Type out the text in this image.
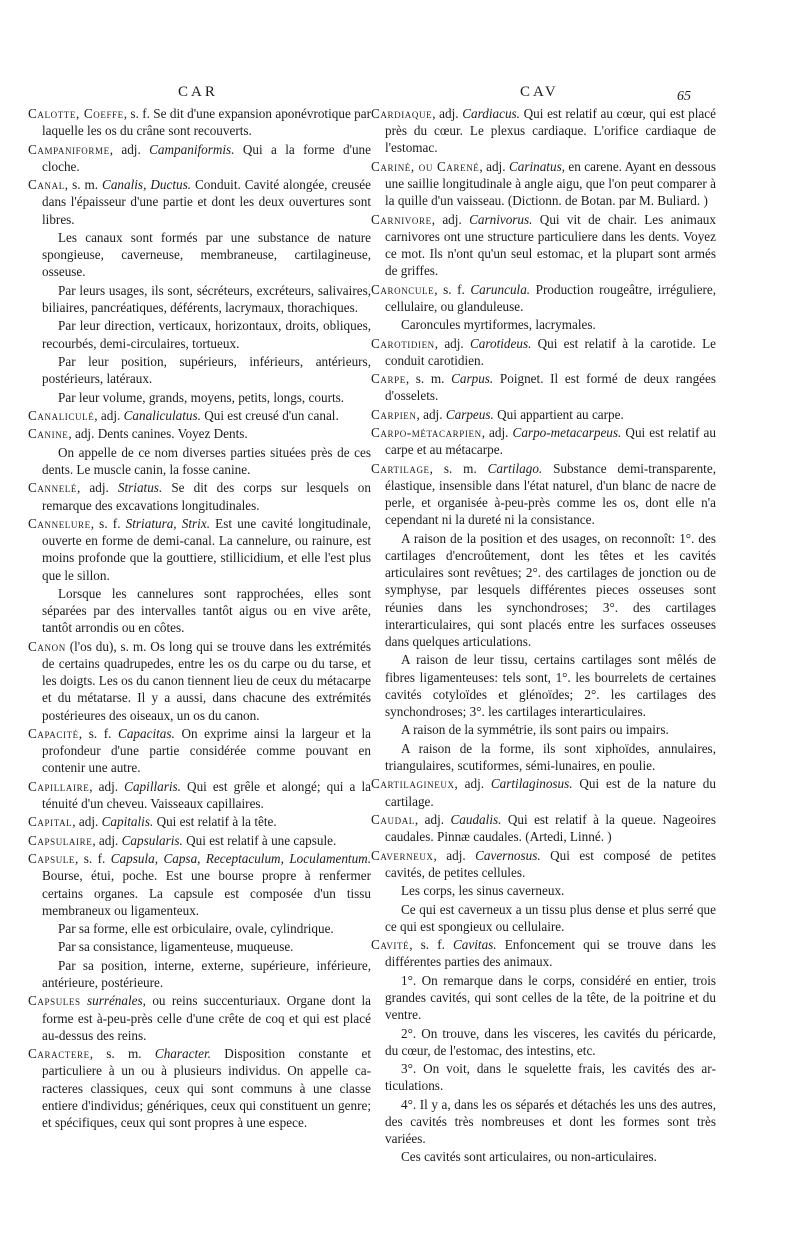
CAR	CAV	65
Calotte, Coeffe, s. f. Se dit d'une expansion aponévrotique par laquelle les os du crâne sont recouverts.
Campaniforme, adj. Campaniformis. Qui a la forme d'une cloche.
Canal, s. m. Canalis, Ductus. Conduit. Cavité alongée, creusée dans l'épaisseur d'une partie et dont les deux ouvertures sont libres.
Les canaux sont formés par une substance de nature spongieuse, caverneuse, membraneuse, cartilagineuse, osseuse.
Par leurs usages, ils sont, sécréteurs, excréteurs, salivaires, biliaires, pancréatiques, déférents, lacrymaux, thorachiques.
Par leur direction, verticaux, horizontaux, droits, obliques, recourbés, demi-circulaires, tortueux.
Par leur position, supérieurs, inférieurs, antérieurs, postérieurs, latéraux.
Par leur volume, grands, moyens, petits, longs, courts.
Canaliculé, adj. Canaliculatus. Qui est creusé d'un canal.
Canine, adj. Dents canines. Voyez Dents.
On appelle de ce nom diverses parties situées près de ces dents. Le muscle canin, la fosse canine.
Cannelé, adj. Striatus. Se dit des corps sur lesquels on remarque des excavations longitudinales.
Cannelure, s. f. Striatura, Strix. Est une cavité longitudinale, ouverte en forme de demi-canal. La cannelure, ou rainure, est moins profonde que la gouttiere, stillicidium, et elle l'est plus que le sillon.
Lorsque les cannelures sont rapprochées, elles sont séparées par des intervalles tantôt aigus ou en vive arête, tantôt arrondis ou en côtes.
Canon (l'os du), s. m. Os long qui se trouve dans les extrémités de certains quadrupedes, entre les os du carpe ou du tarse, et les doigts. Les os du canon tiennent lieu de ceux du métacarpe et du métatarse. Il y a aussi, dans chacune des extrémités postérieures des oiseaux, un os du canon.
Capacité, s. f. Capacitas. On exprime ainsi la largeur et la profondeur d'une partie considérée comme pouvant en contenir une autre.
Capillaire, adj. Capillaris. Qui est grêle et alongé; qui a la ténuité d'un cheveu. Vaisseaux capillaires.
Capital, adj. Capitalis. Qui est relatif à la tête.
Capsulaire, adj. Capsularis. Qui est relatif à une capsule.
Capsule, s. f. Capsula, Capsa, Receptaculum, Loculamentum. Bourse, étui, poche. Est une bourse propre à renfermer certains organes. La capsule est composée d'un tissu membraneux ou ligamenteux.
Par sa forme, elle est orbiculaire, ovale, cylindrique.
Par sa consistance, ligamenteuse, muqueuse.
Par sa position, interne, externe, supérieure, inférieure, antérieure, postérieure.
Capsules surrénales, ou reins succenturiaux. Organe dont la forme est à-peu-près celle d'une crête de coq et qui est placé au-dessus des reins.
Caractere, s. m. Character. Disposition constante et particuliere à un ou à plusieurs individus. On appelle caracteres classiques, ceux qui sont communs à une classe entiere d'individus; génériques, ceux qui constituent un genre; et spécifiques, ceux qui sont propres à une espece.
Cardiaque, adj. Cardiacus. Qui est relatif au cœur, qui est placé près du cœur. Le plexus cardiaque. L'orifice cardiaque de l'estomac.
Cariné, ou Carené, adj. Carinatus, en carene. Ayant en dessous une saillie longitudinale à angle aigu, que l'on peut comparer à la quille d'un vaisseau. (Dictionn. de Botan. par M. Buliard. )
Carnivore, adj. Carnivorus. Qui vit de chair. Les animaux carnivores ont une structure particuliere dans les dents. Voyez ce mot. Ils n'ont qu'un seul estomac, et la plupart sont armés de griffes.
Caroncule, s. f. Caruncula. Production rougeâtre, irréguliere, cellulaire, ou glanduleuse.
Caroncules myrtiformes, lacrymales.
Carotidien, adj. Carotideus. Qui est relatif à la carotide. Le conduit carotidien.
Carpe, s. m. Carpus. Poignet. Il est formé de deux rangées d'osselets.
Carpien, adj. Carpeus. Qui appartient au carpe.
Carpo-métacarpien, adj. Carpo-metacarpeus. Qui est relatif au carpe et au métacarpe.
Cartilage, s. m. Cartilago. Substance demi-transparente, élastique, insensible dans l'état naturel, d'un blanc de nacre de perle, et organisée à-peu-près comme les os, dont elle n'a cependant ni la dureté ni la consistance.
A raison de la position et des usages, on reconnoît: 1°. des cartilages d'encroûtement, dont les têtes et les cavités articulaires sont revêtues; 2°. des cartilages de jonction ou de symphyse, par lesquels différentes pieces osseuses sont réunies dans les synchondroses; 3°. des cartilages interarticulaires, qui sont placés entre les surfaces osseuses dans quelques articulations.
A raison de leur tissu, certains cartilages sont mêlés de fibres ligamenteuses: tels sont, 1°. les bourrelets de certaines cavités cotyloïdes et glénoïdes; 2°. les cartilages des synchondroses; 3°. les cartilages interarticulaires.
A raison de la symmétrie, ils sont pairs ou impairs.
A raison de la forme, ils sont xiphoïdes, annulaires, triangulaires, scutiformes, sémi-lunaires, en poulie.
Cartilagineux, adj. Cartilaginosus. Qui est de la nature du cartilage.
Caudal, adj. Caudalis. Qui est relatif à la queue. Nageoires caudales. Pinnæ caudales. (Artedi, Linné. )
Caverneux, adj. Cavernosus. Qui est composé de petites cavités, de petites cellules.
Les corps, les sinus caverneux.
Ce qui est caverneux a un tissu plus dense et plus serré que ce qui est spongieux ou cellulaire.
Cavité, s. f. Cavitas. Enfoncement qui se trouve dans les différentes parties des animaux.
1°. On remarque dans le corps, considéré en entier, trois grandes cavités, qui sont celles de la tête, de la poitrine et du ventre.
2°. On trouve, dans les visceres, les cavités du péricarde, du cœur, de l'estomac, des intestins, etc.
3°. On voit, dans le squelette frais, les cavités des articulations.
4°. Il y a, dans les os séparés et détachés les uns des autres, des cavités très nombreuses et dont les formes sont très variées.
Ces cavités sont articulaires, ou non-articulaires.
